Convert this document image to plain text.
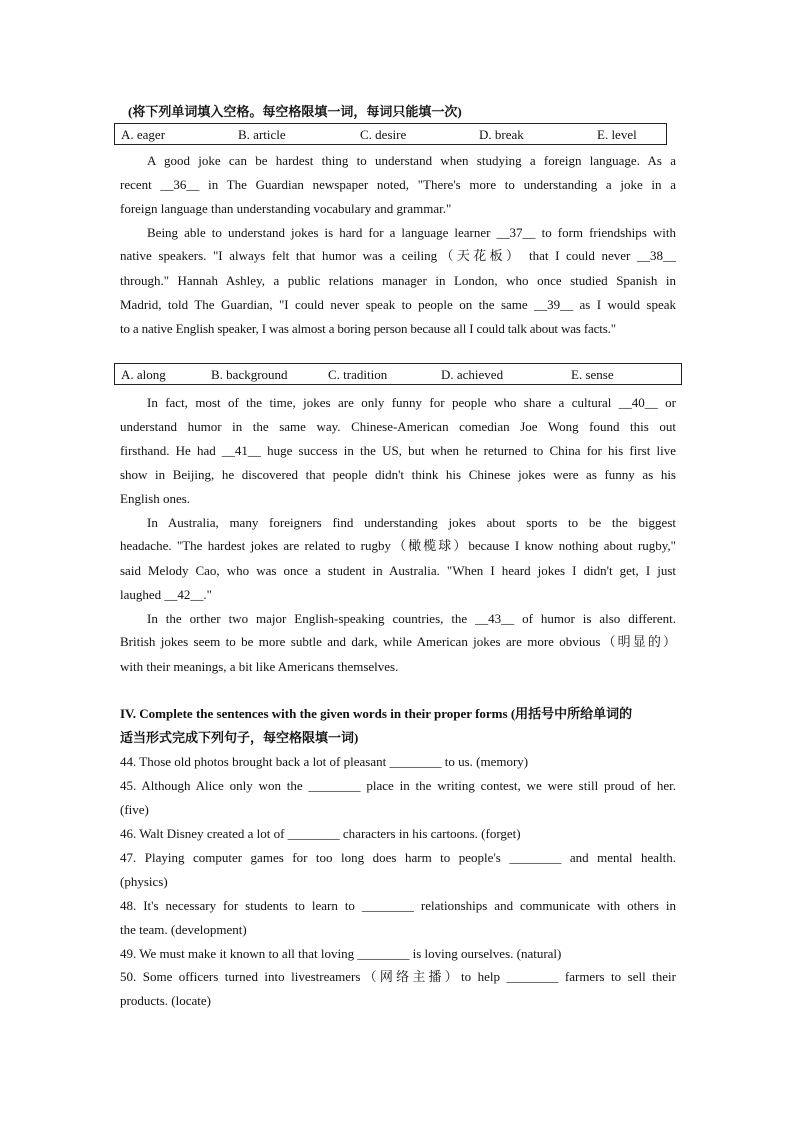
(将下列单词填入空格。每空格限填一词，每词只能填一次)
A. eager	B. article	C. desire	D. break	E. level
A good joke can be hardest thing to understand when studying a foreign language. As a
recent __36__ in The Guardian newspaper noted, "There's more to understanding a joke in a
foreign language than understanding vocabulary and grammar."
Being able to understand jokes is hard for a language learner __37__ to form friendships with
native speakers. "I always felt that humor was a ceiling（天花板） that I could never __38__
through." Hannah Ashley, a public relations manager in London, who once studied Spanish in
Madrid, told The Guardian, "I could never speak to people on the same __39__ as I would speak
to a native English speaker, I was almost a boring person because all I could talk about was facts."
A. along	B. background	C. tradition	D. achieved	E. sense
In fact, most of the time, jokes are only funny for people who share a cultural __40__ or
understand humor in the same way. Chinese-American comedian Joe Wong found this out
firsthand. He had __41__ huge success in the US, but when he returned to China for his first live
show in Beijing, he discovered that people didn't think his Chinese jokes were as funny as his
English ones.
In Australia, many foreigners find understanding jokes about sports to be the biggest
headache. "The hardest jokes are related to rugby（橄榄球）because I know nothing about rugby,"
said Melody Cao, who was once a student in Australia. "When I heard jokes I didn't get, I just
laughed __42__."
In the orther two major English-speaking countries, the __43__ of humor is also different.
British jokes seem to be more subtle and dark, while American jokes are more obvious（明显的）
with their meanings, a bit like Americans themselves.
IV. Complete the sentences with the given words in their proper forms (用括号中所给单词的
适当形式完成下列句子，每空格限填一词)
44. Those old photos brought back a lot of pleasant ________ to us. (memory)
45. Although Alice only won the ________ place in the writing contest, we were still proud of her.
(five)
46. Walt Disney created a lot of ________ characters in his cartoons. (forget)
47. Playing computer games for too long does harm to people's ________ and mental health.
(physics)
48. It's necessary for students to learn to ________ relationships and communicate with others in
the team. (development)
49. We must make it known to all that loving ________ is loving ourselves. (natural)
50. Some officers turned into livestreamers（网络主播）to help ________ farmers to sell their
products. (locate)
